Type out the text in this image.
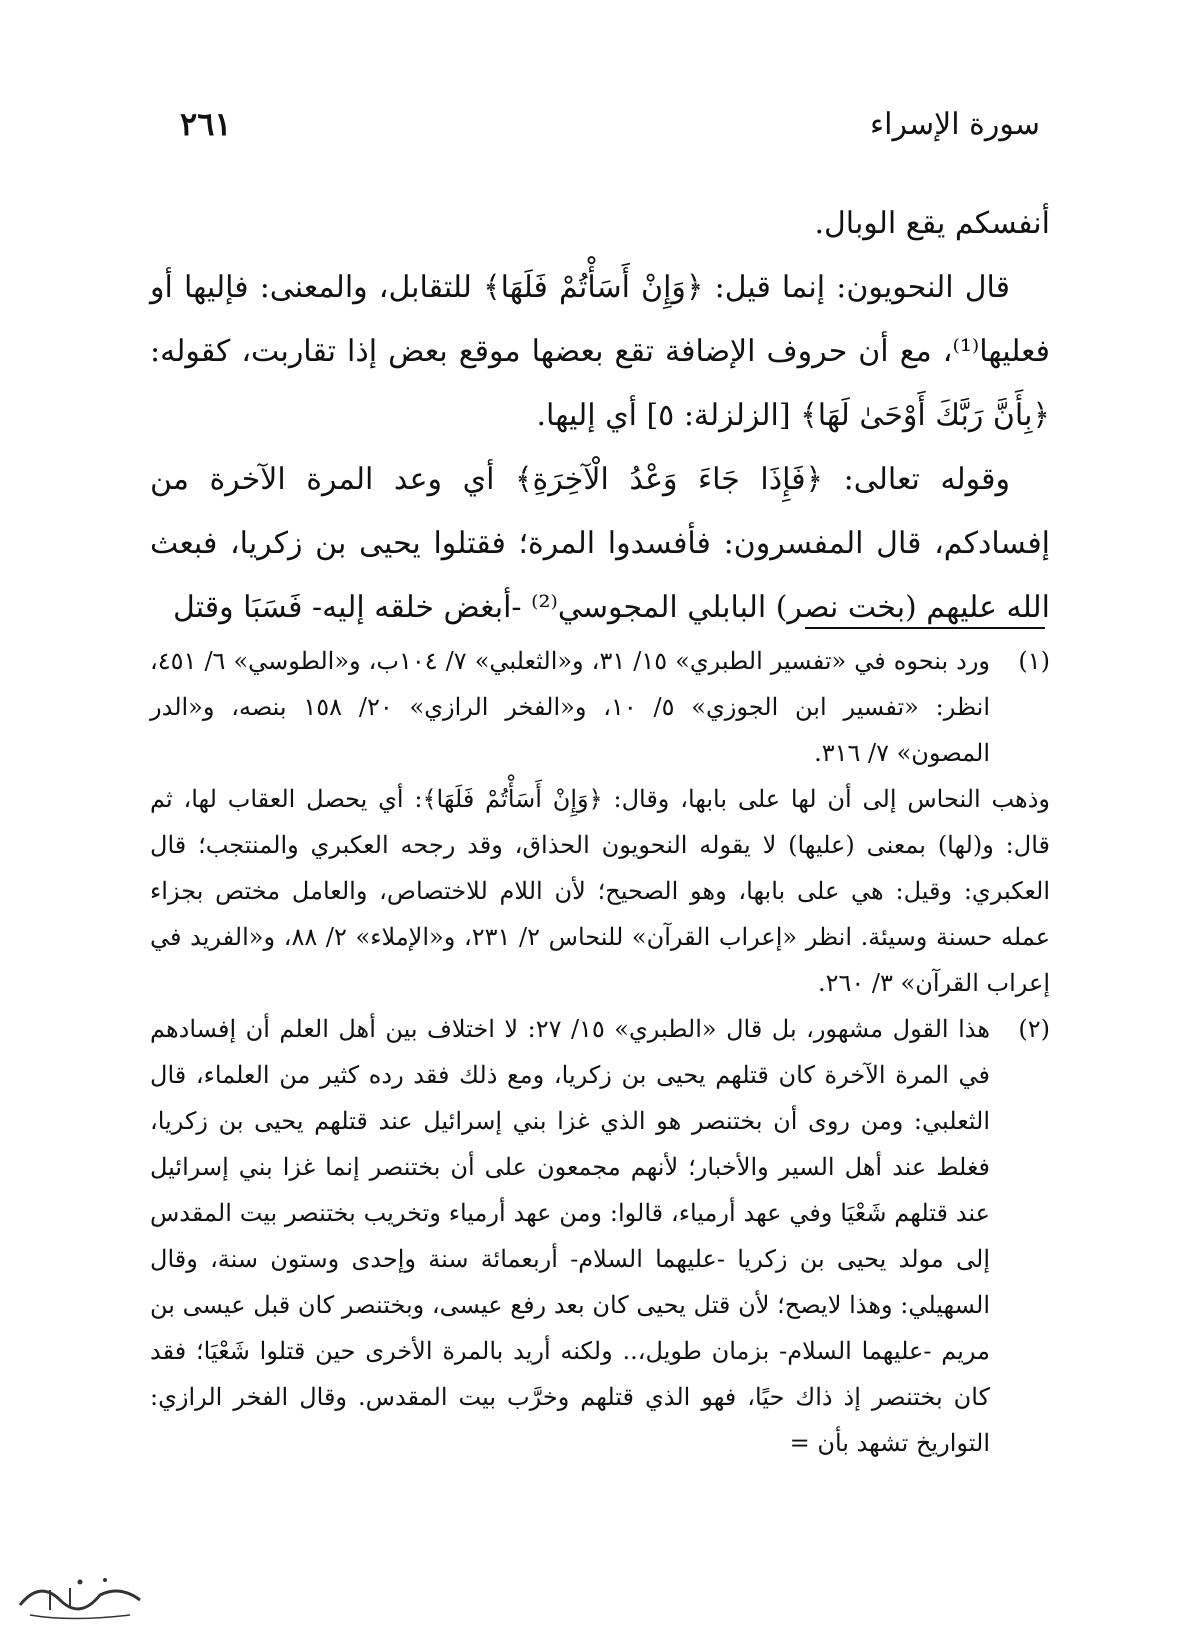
سورة الإسراء
٢٦١

أنفسكم يقع الوبال.

قال النحويون: إنما قيل: ﴿وَإِنْ أَسَأْتُمْ فَلَهَا﴾ للتقابل، والمعنى: فإليها أو فعليها⁽¹⁾، مع أن حروف الإضافة تقع بعضها موقع بعض إذا تقاربت، كقوله: ﴿بِأَنَّ رَبَّكَ أَوْحَىٰ لَهَا﴾ [الزلزلة: ٥] أي إليها.

وقوله تعالى: ﴿فَإِذَا جَاءَ وَعْدُ الْآخِرَةِ﴾ أي وعد المرة الآخرة من إفسادكم، قال المفسرون: فأفسدوا المرة؛ فقتلوا يحيى بن زكريا، فبعث الله عليهم (بخت نصر) البابلي المجوسي⁽²⁾ -أبغض خلقه إليه- فَسَبَا وقتل

(١)

ورد بنحوه في «تفسير الطبري» ١٥/ ٣١، و«الثعلبي» ٧/ ١٠٤ب، و«الطوسي» ٦/ ٤٥١، انظر: «تفسير ابن الجوزي» ٥/ ١٠، و«الفخر الرازي» ٢٠/ ١٥٨ بنصه، و«الدر المصون» ٧/ ٣١٦.

وذهب النحاس إلى أن لها على بابها، وقال: ﴿وَإِنْ أَسَأْتُمْ فَلَهَا﴾: أي يحصل العقاب لها، ثم قال: و(لها) بمعنى (عليها) لا يقوله النحويون الحذاق، وقد رجحه العكبري والمنتجب؛ قال العكبري: وقيل: هي على بابها، وهو الصحيح؛ لأن اللام للاختصاص، والعامل مختص بجزاء عمله حسنة وسيئة. انظر «إعراب القرآن» للنحاس ٢/ ٢٣١، و«الإملاء» ٢/ ٨٨، و«الفريد في إعراب القرآن» ٣/ ٢٦٠.

(٢)

هذا القول مشهور، بل قال «الطبري» ١٥/ ٢٧: لا اختلاف بين أهل العلم أن إفسادهم في المرة الآخرة كان قتلهم يحيى بن زكريا، ومع ذلك فقد رده كثير من العلماء، قال الثعلبي: ومن روى أن بختنصر هو الذي غزا بني إسرائيل عند قتلهم يحيى بن زكريا، فغلط عند أهل السير والأخبار؛ لأنهم مجمعون على أن بختنصر إنما غزا بني إسرائيل عند قتلهم شَعْيَا وفي عهد أرمياء، قالوا: ومن عهد أرمياء وتخريب بختنصر بيت المقدس إلى مولد يحيى بن زكريا -عليهما السلام- أربعمائة سنة وإحدى وستون سنة، وقال السهيلي: وهذا لايصح؛ لأن قتل يحيى كان بعد رفع عيسى، وبختنصر كان قبل عيسى بن مريم -عليهما السلام- بزمان طويل،.. ولكنه أريد بالمرة الأخرى حين قتلوا شَعْيَا؛ فقد كان بختنصر إذ ذاك حيًا، فهو الذي قتلهم وخرَّب بيت المقدس. وقال الفخر الرازي: التواريخ تشهد بأن =
